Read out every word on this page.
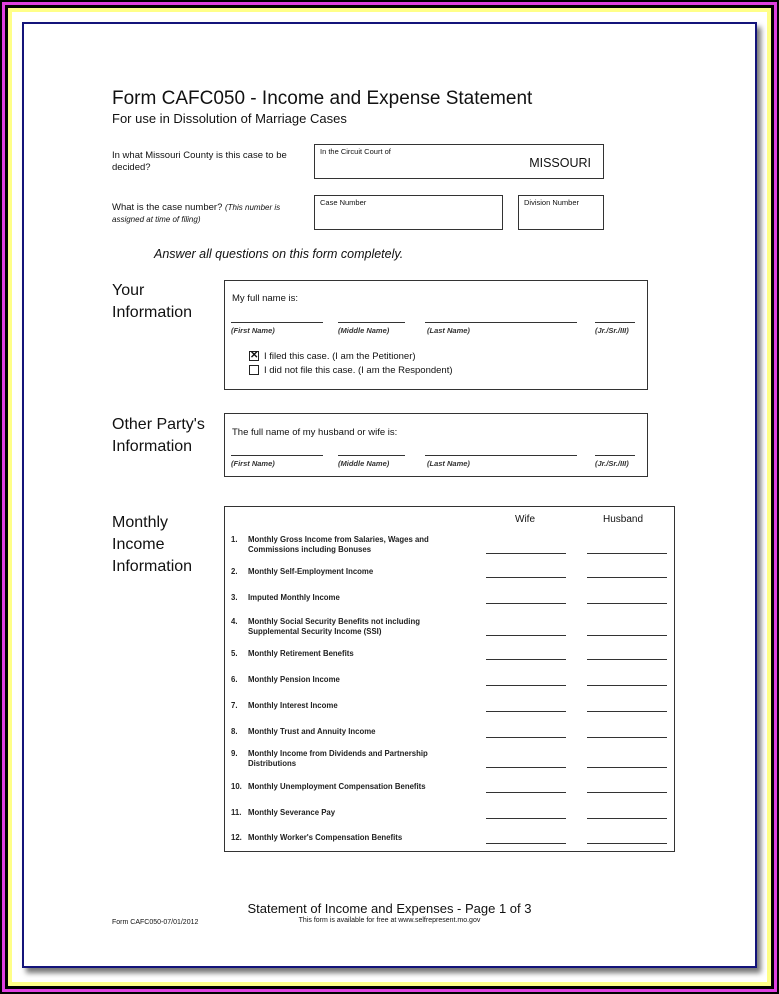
Form CAFC050 - Income and Expense Statement
For use in Dissolution of Marriage Cases
In what Missouri County is this case to be decided?
In the Circuit Court of
MISSOURI
What is the case number? (This number is assigned at time of filing)
Case Number	Division Number
Answer all questions on this form completely.
Your Information
My full name is:
(First Name)	(Middle Name)	(Last Name)	(Jr./Sr./III)
✕ I filed this case. (I am the Petitioner)
I did not file this case. (I am the Respondent)
Other Party's Information
The full name of my husband or wife is:
(First Name)	(Middle Name)	(Last Name)	(Jr./Sr./III)
Monthly Income Information
Wife	Husband
1. Monthly Gross Income from Salaries, Wages and Commissions including Bonuses
2. Monthly Self-Employment Income
3. Imputed Monthly Income
4. Monthly Social Security Benefits not including Supplemental Security Income (SSI)
5. Monthly Retirement Benefits
6. Monthly Pension Income
7. Monthly Interest Income
8. Monthly Trust and Annuity Income
9. Monthly Income from Dividends and Partnership Distributions
10. Monthly Unemployment Compensation Benefits
11. Monthly Severance Pay
12. Monthly Worker's Compensation Benefits
Statement of Income and Expenses - Page 1 of 3
Form CAFC050-07/01/2012	This form is available for free at www.selfrepresent.mo.gov
